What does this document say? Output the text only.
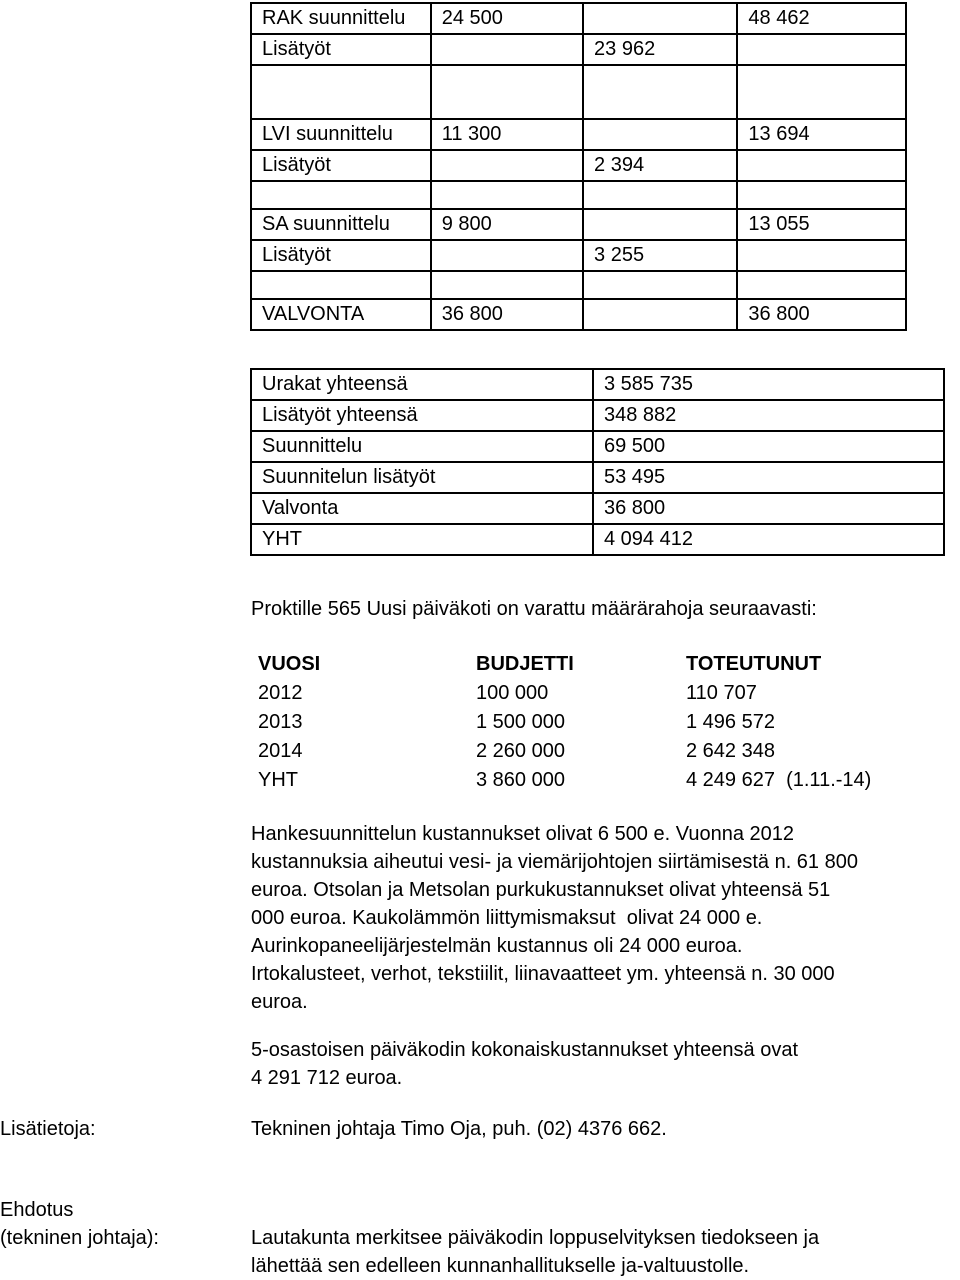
RAK suunnittelu	24 500		48 462
Lisätyöt		23 962	

LVI suunnittelu	11 300		13 694
Lisätyöt		2 394	

SA suunnittelu	9 800		13 055
Lisätyöt		3 255	

VALVONTA	36 800		36 800
Urakat yhteensä	3 585 735
Lisätyöt yhteensä	348 882
Suunnittelu	69 500
Suunnitelun lisätyöt	53 495
Valvonta	36 800
YHT	4 094 412
Proktille 565 Uusi päiväkoti on varattu määrärahoja seuraavasti:
VUOSI	BUDJETTI	TOTEUTUNUT
2012	100 000	110 707
2013	1 500 000	1 496 572
2014	2 260 000	2 642 348
YHT	3 860 000	4 249 627  (1.11.-14)
Hankesuunnittelun kustannukset olivat 6 500 e. Vuonna 2012
kustannuksia aiheutui vesi- ja viemärijohtojen siirtämisestä n. 61 800
euroa. Otsolan ja Metsolan purkukustannukset olivat yhteensä 51
000 euroa. Kaukolämmön liittymismaksut  olivat 24 000 e.
Aurinkopaneelijärjestelmän kustannus oli 24 000 euroa.
Irtokalusteet, verhot, tekstiilit, liinavaatteet ym. yhteensä n. 30 000
euroa.
5-osastoisen päiväkodin kokonaiskustannukset yhteensä ovat
4 291 712 euroa.
Lisätietoja:	Tekninen johtaja Timo Oja, puh. (02) 4376 662.
Ehdotus
(tekninen johtaja):	Lautakunta merkitsee päiväkodin loppuselvityksen tiedokseen ja
lähettää sen edelleen kunnanhallitukselle ja-valtuustolle.
